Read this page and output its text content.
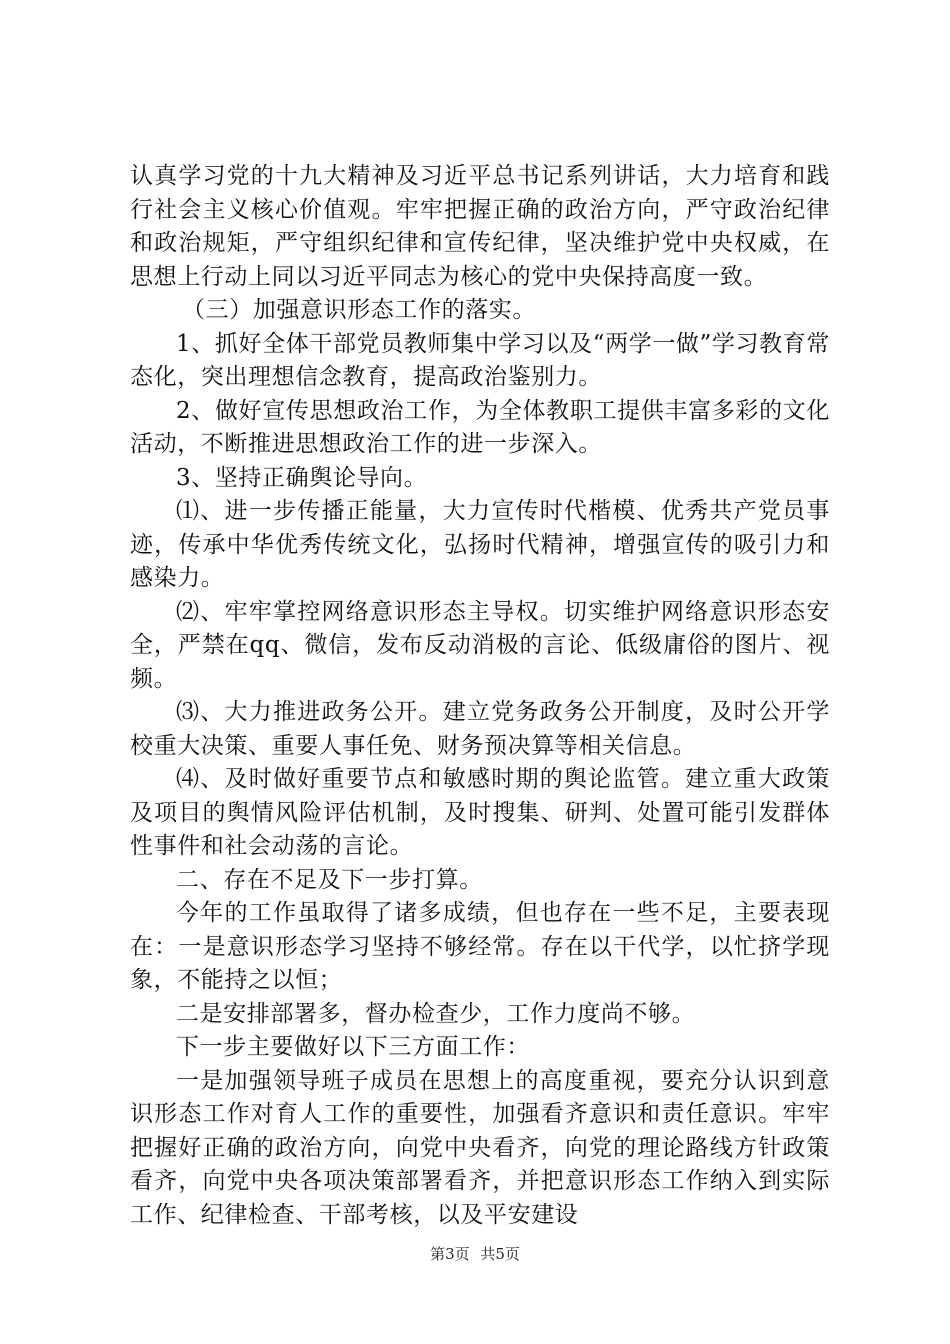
认真学习党的十九大精神及习近平总书记系列讲话，大力培育和践行社会主义核心价值观。牢牢把握正确的政治方向，严守政治纪律和政治规矩，严守组织纪律和宣传纪律，坚决维护党中央权威，在思想上行动上同以习近平同志为核心的党中央保持高度一致。

（三）加强意识形态工作的落实。

1、抓好全体干部党员教师集中学习以及“两学一做”学习教育常态化，突出理想信念教育，提高政治鉴别力。

2、做好宣传思想政治工作，为全体教职工提供丰富多彩的文化活动，不断推进思想政治工作的进一步深入。

3、坚持正确舆论导向。

⑴、进一步传播正能量，大力宣传时代楷模、优秀共产党员事迹，传承中华优秀传统文化，弘扬时代精神，增强宣传的吸引力和感染力。

⑵、牢牢掌控网络意识形态主导权。切实维护网络意识形态安全，严禁在qq、微信，发布反动消极的言论、低级庸俗的图片、视频。

⑶、大力推进政务公开。建立党务政务公开制度，及时公开学校重大决策、重要人事任免、财务预决算等相关信息。

⑷、及时做好重要节点和敏感时期的舆论监管。建立重大政策及项目的舆情风险评估机制，及时搜集、研判、处置可能引发群体性事件和社会动荡的言论。

二、存在不足及下一步打算。

今年的工作虽取得了诸多成绩，但也存在一些不足，主要表现在：一是意识形态学习坚持不够经常。存在以干代学，以忙挤学现象，不能持之以恒；

二是安排部署多，督办检查少，工作力度尚不够。

下一步主要做好以下三方面工作：

一是加强领导班子成员在思想上的高度重视，要充分认识到意识形态工作对育人工作的重要性，加强看齐意识和责任意识。牢牢把握好正确的政治方向，向党中央看齐，向党的理论路线方针政策看齐，向党中央各项决策部署看齐，并把意识形态工作纳入到实际工作、纪律检查、干部考核，以及平安建设

第3页 共5页
